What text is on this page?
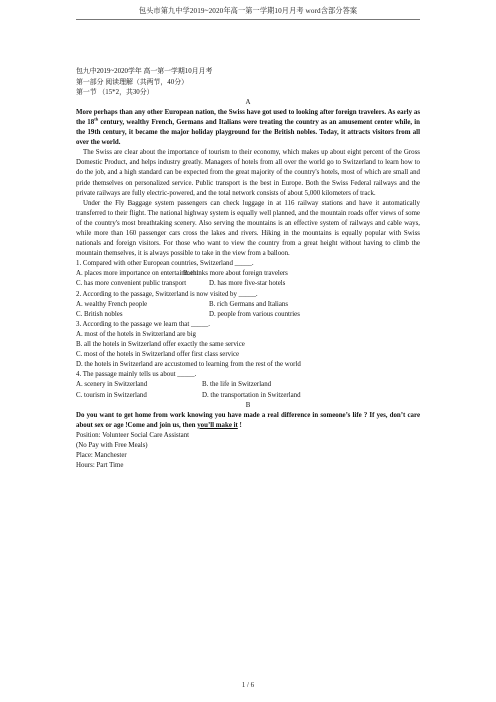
包头市第九中学2019~2020年高一第一学期10月月考 word含部分答案

包九中2019~2020学年 高一第一学期10月月考

第一部分 阅读理解（共两节，40分）

第一节 （15*2，共30分）

A

More perhaps than any other European nation, the Swiss have got used to looking after foreign travelers. As early as the 18th century, wealthy French, Germans and Italians were treating the country as an amusement center while, in the 19th century, it became the major holiday playground for the British nobles. Today, it attracts visitors from all over the world.

The Swiss are clear about the importance of tourism to their economy, which makes up about eight percent of the Gross Domestic Product, and helps industry greatly. Managers of hotels from all over the world go to Switzerland to learn how to do the job, and a high standard can be expected from the great majority of the country's hotels, most of which are small and pride themselves on personalized service. Public transport is the best in Europe. Both the Swiss Federal railways and the private railways are fully electric-powered, and the total network consists of about 5,000 kilometers of track.

Under the Fly Baggage system passengers can check luggage in at 116 railway stations and have it automatically transferred to their flight. The national highway system is equally well planned, and the mountain roads offer views of some of the country's most breathtaking scenery. Also serving the mountains is an effective system of railways and cable ways, while more than 160 passenger cars cross the lakes and rivers. Hiking in the mountains is equally popular with Swiss nationals and foreign visitors. For those who want to view the country from a great height without having to climb the mountain themselves, it is always possible to take in the view from a balloon.

1. Compared with other European countries, Switzerland _____.

A. places more importance on entertainment
B. thinks more about foreign travelers
C. has more convenient public transport	D. has more five-star hotels

2. According to the passage, Switzerland is now visited by _____.

A. wealthy French people	B. rich Germans and Italians
C. British nobles	D. people from various countries

3. According to the passage we learn that _____.

A. most of the hotels in Switzerland are big

B. all the hotels in Switzerland offer exactly the same service

C. most of the hotels in Switzerland offer first class service

D. the hotels in Switzerland are accustomed to learning from the rest of the world

4. The passage mainly tells us about _____.

A. scenery in Switzerland	B. the life in Switzerland
C. tourism in Switzerland	D. the transportation in Switzerland

B

Do you want to get home from work knowing you have made a real difference in someone’s life ? If yes, don’t care about sex or age !Come and join us, then you’ll make it !

Position: Volunteer Social Care Assistant

(No Pay with Free Meals)

Place: Manchester

Hours: Part Time

1 / 6
